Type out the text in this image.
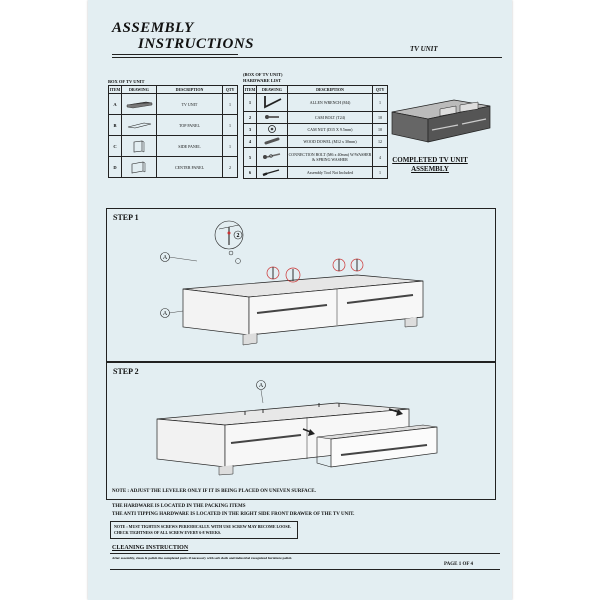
ASSEMBLY
INSTRUCTIONS	TV UNIT
BOX OF TV UNIT
ITEM	DRAWING	DESCRIPTION	QTY
A		TV UNIT	1
B		TOP PANEL	1
C		SIDE PANEL	1
D		CENTER PANEL	2
(BOX OF TV UNIT)
HARDWARE LIST
ITEM	DRAWING	DESCRIPTION	QTY
1		ALLEN WRENCH (M4)	1
2		CAM BOLT (T24)	10
3		CAM NUT (D15 X 9.5mm)	10
4		WOOD DOWEL (M12 x 30mm)	12
5		CONNECTION BOLT (M6 x 40mm) W/WASHER & SPRING WASHER	4
6		Assembly Tool Not Included	1
COMPLETED TV UNIT
ASSEMBLY
STEP 1
2
A
A
STEP 2
A
NOTE : ADJUST THE LEVELER ONLY IF IT IS BEING PLACED ON UNEVEN SURFACE.
THE HARDWARE IS LOCATED IN THE PACKING ITEMS
THE ANTI TIPPING HARDWARE IS LOCATED IN THE RIGHT SIDE FRONT DRAWER OF THE TV UNIT.
NOTE : MUST TIGHTEN SCREWS PERIODICALLY. WITH USE SCREW MAY BECOME LOOSE.
CHECK TIGHTNESS OF ALL SCREW EVERY 6-8 WEEKS.
CLEANING INSTRUCTION
After assembly, clean & polish the completed parts if necessary with soft cloth and industrial recognized furniture polish
PAGE 1 OF 4
